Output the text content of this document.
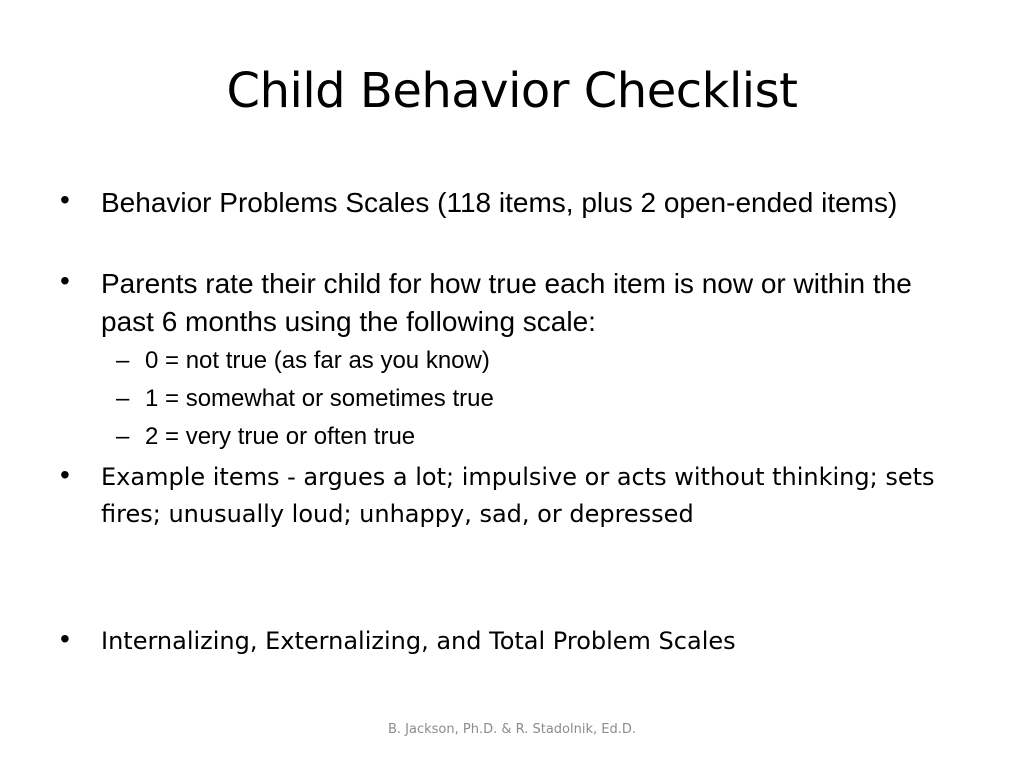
Child Behavior Checklist
• Behavior Problems Scales (118 items, plus 2 open-ended items)
• Parents rate their child for how true each item is now or within the past 6 months using the following scale:
– 0 = not true (as far as you know)
– 1 = somewhat or sometimes true
– 2 = very true or often true
• Example items - argues a lot; impulsive or acts without thinking; sets fires; unusually loud; unhappy, sad, or depressed
• Internalizing, Externalizing, and Total Problem Scales
B. Jackson, Ph.D. & R. Stadolnik, Ed.D.
